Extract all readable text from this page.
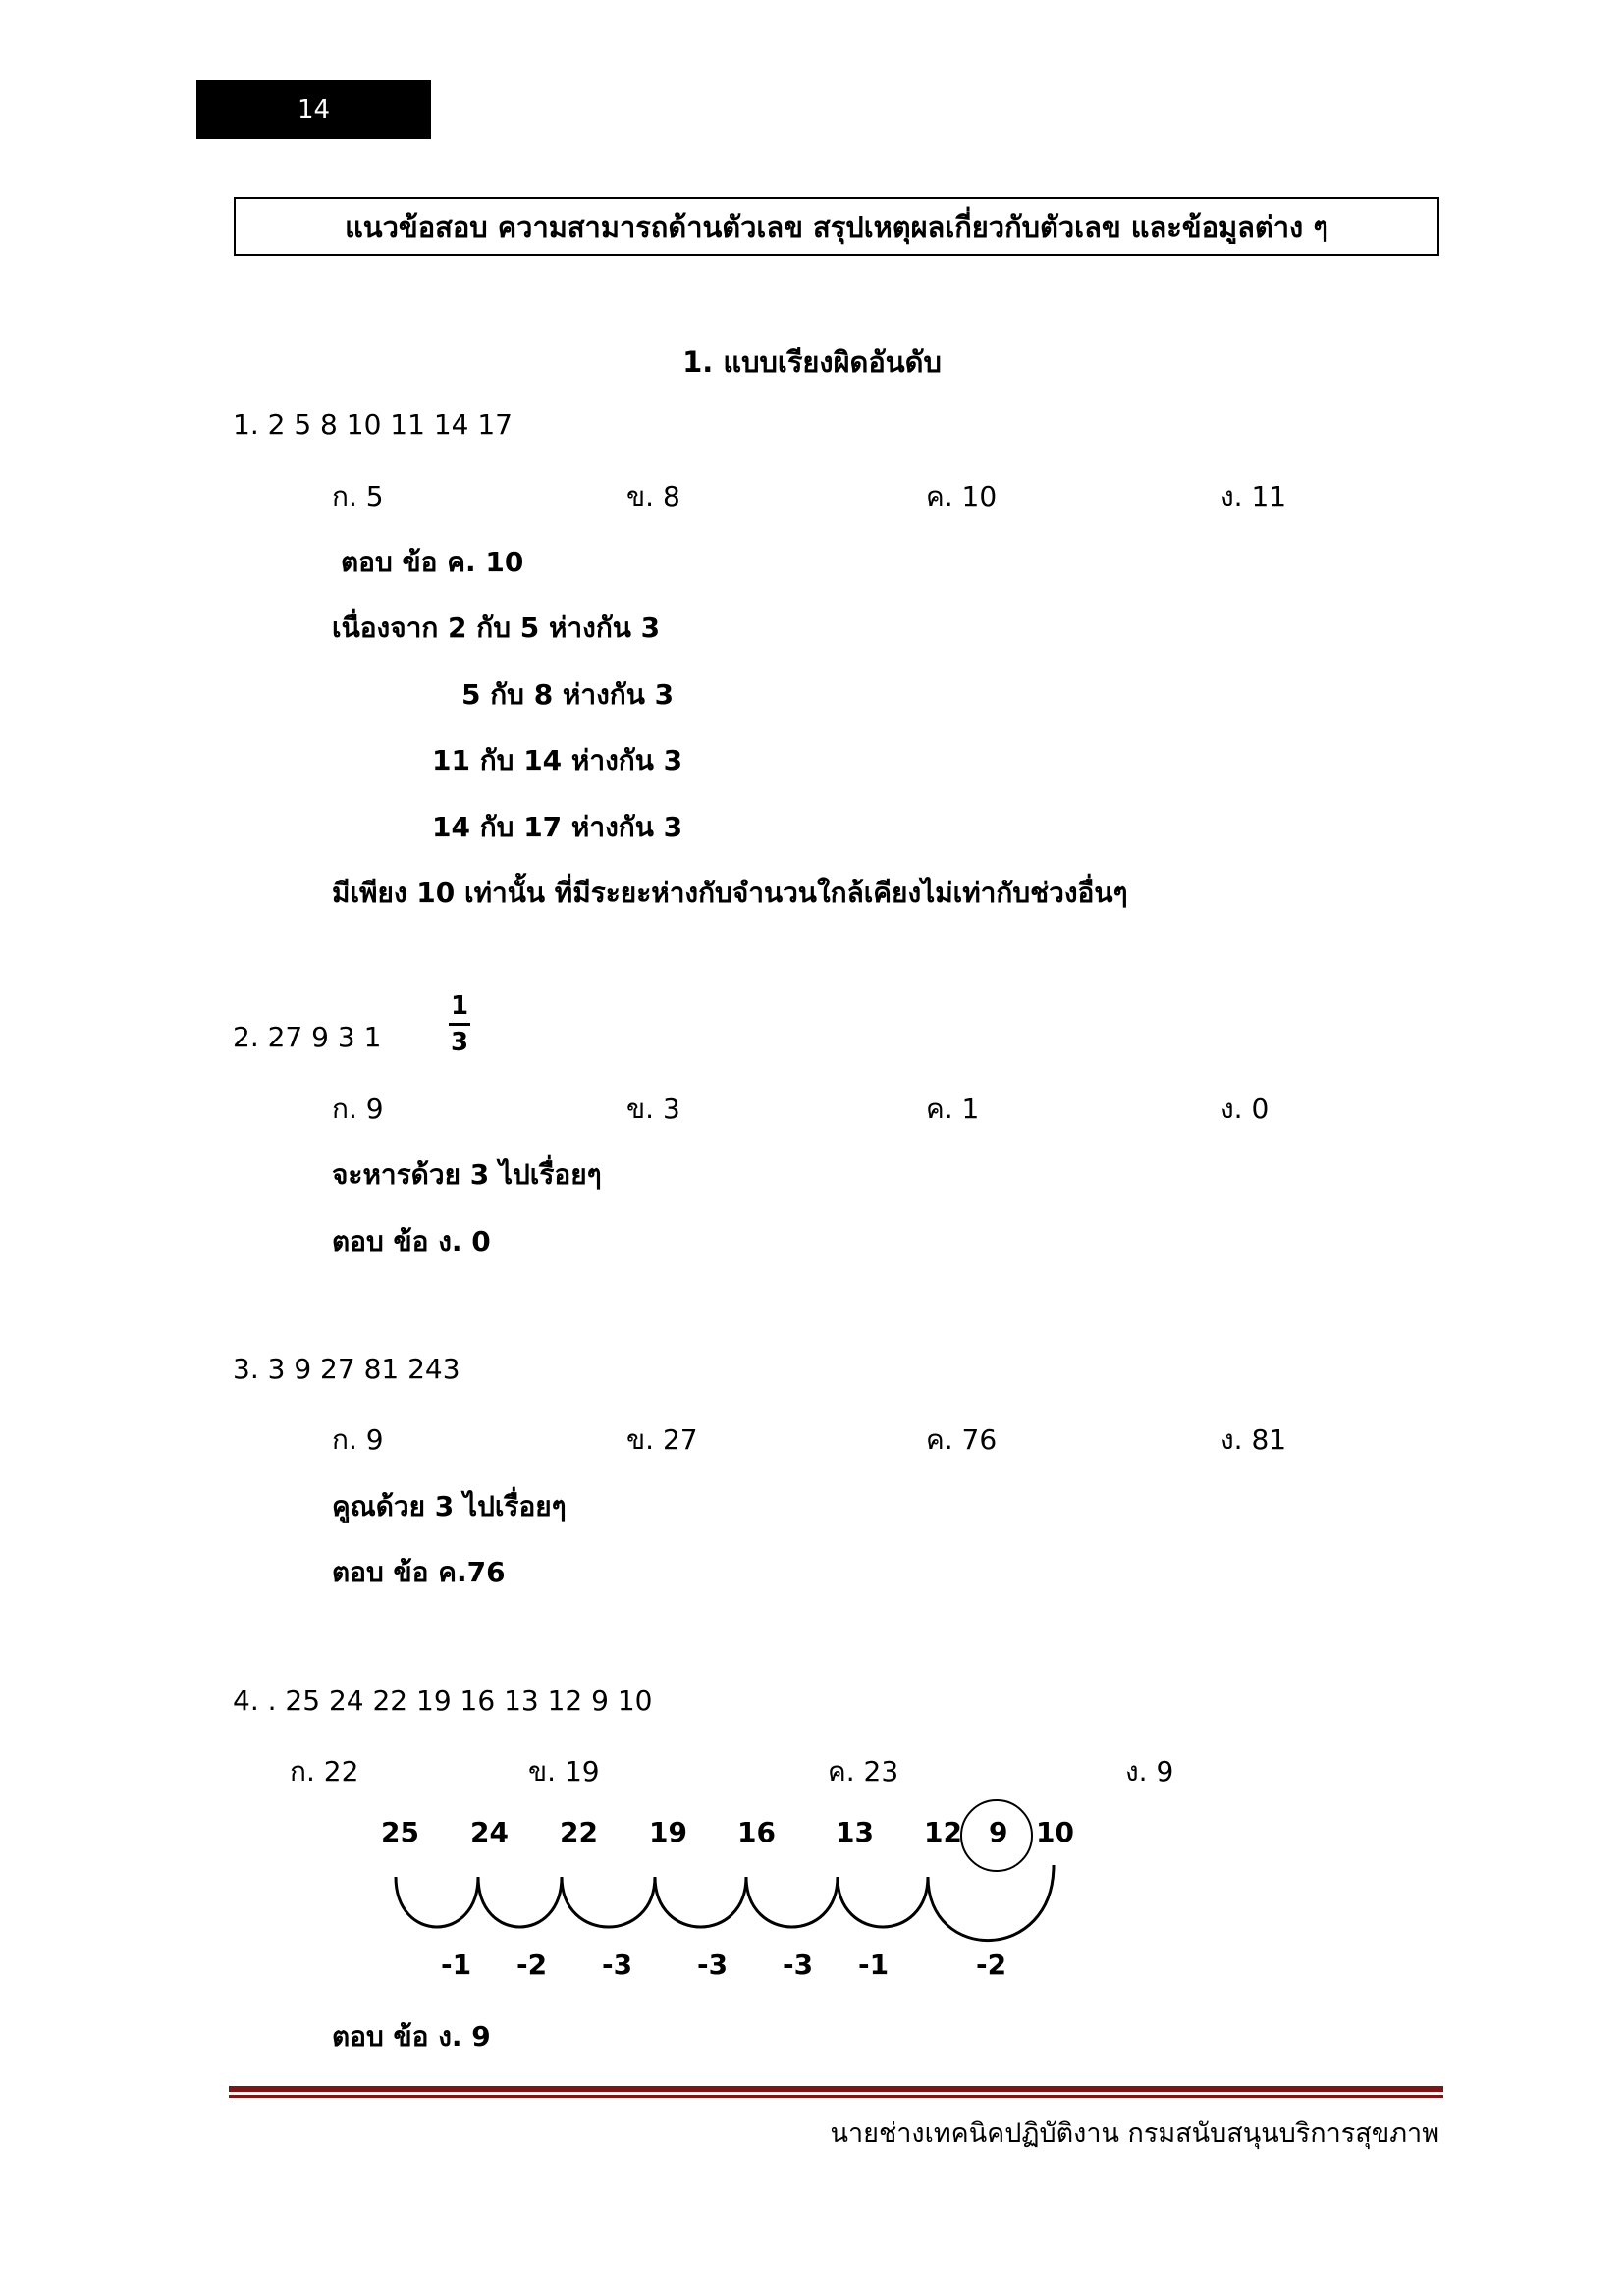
14
แนวข้อสอบ ความสามารถด้านตัวเลข สรุปเหตุผลเกี่ยวกับตัวเลข และข้อมูลต่าง ๆ
1. แบบเรียงผิดอันดับ
1. 2 5 8 10 11 14 17
ก. 5	ข. 8	ค. 10	ง. 11
ตอบ ข้อ ค. 10
เนื่องจาก 2 กับ 5 ห่างกัน 3
5 กับ 8 ห่างกัน 3
11 กับ 14 ห่างกัน 3
14 กับ 17 ห่างกัน 3
มีเพียง 10 เท่านั้น ที่มีระยะห่างกับจำนวนใกล้เคียงไม่เท่ากับช่วงอื่นๆ
2. 27 9 3 1
1
3
ก. 9	ข. 3	ค. 1	ง. 0
จะหารด้วย 3 ไปเรื่อยๆ
ตอบ ข้อ ง. 0
3. 3 9 27 81 243
ก. 9	ข. 27	ค. 76	ง. 81
คูณด้วย 3 ไปเรื่อยๆ
ตอบ ข้อ ค.76
4. . 25 24 22 19 16 13 12 9 10
ก. 22	ข. 19	ค. 23	ง. 9
25 24 22 19 16 13 12 9 10
-1 -2 -3 -3 -3 -1	-2
ตอบ ข้อ ง. 9
นายช่างเทคนิคปฏิบัติงาน กรมสนับสนุนบริการสุขภาพ
